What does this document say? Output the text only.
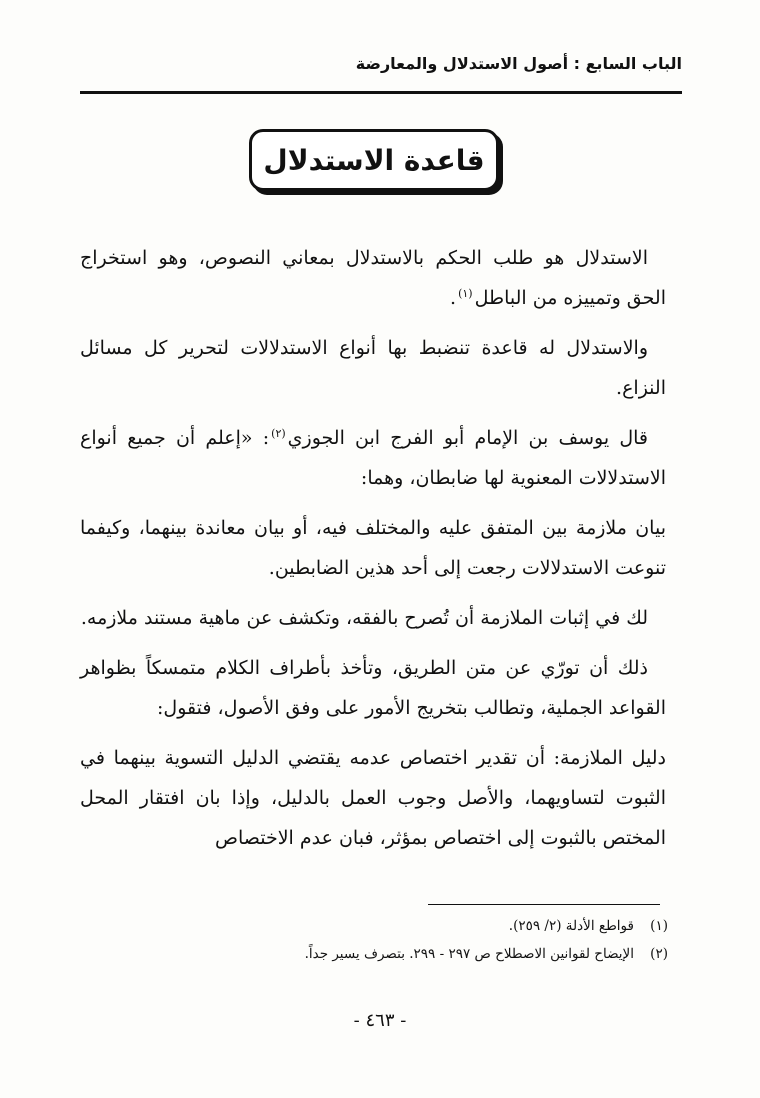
الباب السابع : أصول الاستدلال والمعارضة
قاعدة الاستدلال

الاستدلال هو طلب الحكم بالاستدلال بمعاني النصوص، وهو استخراج الحق وتمييزه من الباطل$^{(١)}$.

والاستدلال له قاعدة تنضبط بها أنواع الاستدلالات لتحرير كل مسائل النزاع.

قال يوسف بن الإمام أبو الفرج ابن الجوزي$^{(٢)}$: «إعلم أن جميع أنواع الاستدلالات المعنوية لها ضابطان، وهما:

بيان ملازمة بين المتفق عليه والمختلف فيه، أو بيان معاندة بينهما، وكيفما تنوعت الاستدلالات رجعت إلى أحد هذين الضابطين.

لك في إثبات الملازمة أن تُصرح بالفقه، وتكشف عن ماهية مستند ملازمه.

ذلك أن تورّي عن متن الطريق، وتأخذ بأطراف الكلام متمسكاً بظواهر القواعد الجملية، وتطالب بتخريج الأمور على وفق الأصول، فتقول:

دليل الملازمة: أن تقدير اختصاص عدمه يقتضي الدليل التسوية بينهما في الثبوت لتساويهما، والأصل وجوب العمل بالدليل، وإذا بان افتقار المحل المختص بالثبوت إلى اختصاص بمؤثر، فبان عدم الاختصاص

(١)
قواطع الأدلة (٢/ ٢٥٩).
(٢)
الإيضاح لقوانين الاصطلاح ص ٢٩٧ - ٢٩٩. بتصرف يسير جداً.
- ٤٦٣ -
